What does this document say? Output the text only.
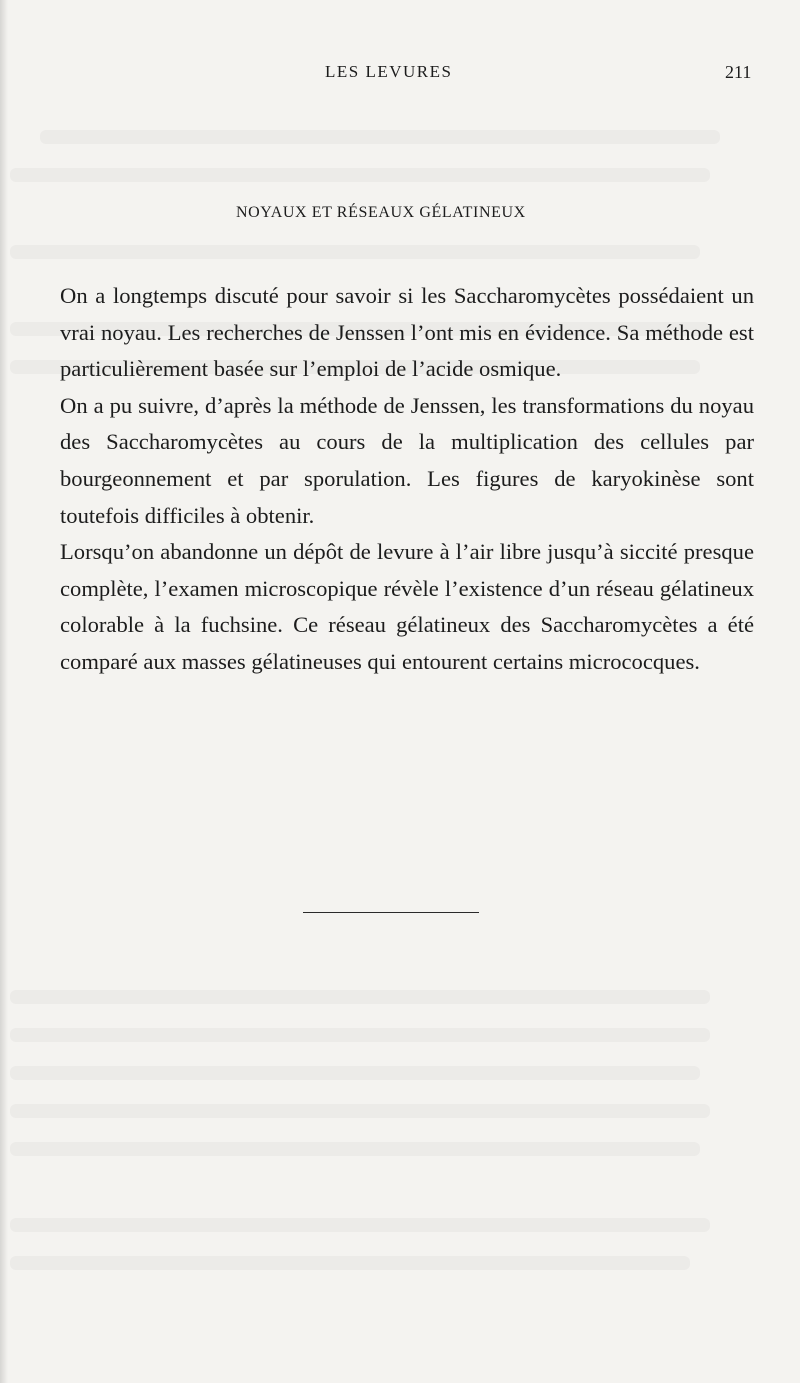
LES LEVURES	211
NOYAUX ET RÉSEAUX GÉLATINEUX

On a longtemps discuté pour savoir si les Saccharomycètes possédaient un vrai noyau. Les recherches de Jenssen l’ont mis en évidence. Sa méthode est particulièrement basée sur l’emploi de l’acide osmique.

On a pu suivre, d’après la méthode de Jenssen, les transformations du noyau des Saccharomycètes au cours de la multiplication des cellules par bourgeonnement et par sporulation. Les figures de karyokinèse sont toutefois difficiles à obtenir.

Lorsqu’on abandonne un dépôt de levure à l’air libre jusqu’à siccité presque complète, l’examen microscopique révèle l’existence d’un réseau gélatineux colorable à la fuchsine. Ce réseau gélatineux des Saccharomycètes a été comparé aux masses gélatineuses qui entourent certains micrococques.
